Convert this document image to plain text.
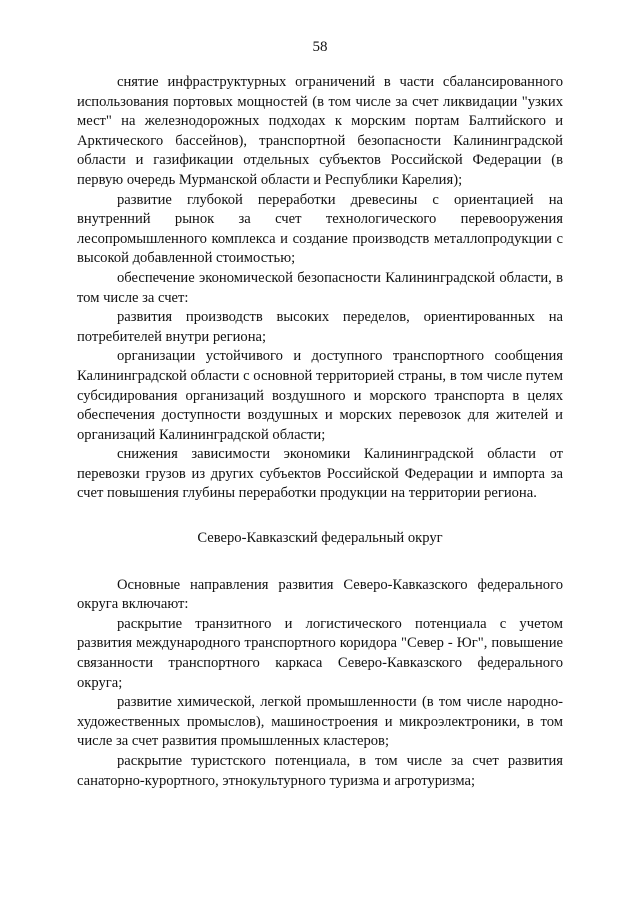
58

снятие инфраструктурных ограничений в части сбалансированного использования портовых мощностей (в том числе за счет ликвидации "узких мест" на железнодорожных подходах к морским портам Балтийского и Арктического бассейнов), транспортной безопасности Калининградской области и газификации отдельных субъектов Российской Федерации (в первую очередь Мурманской области и Республики Карелия);

развитие глубокой переработки древесины с ориентацией на внутренний рынок за счет технологического перевооружения лесопромышленного комплекса и создание производств металлопродукции с высокой добавленной стоимостью;

обеспечение экономической безопасности Калининградской области, в том числе за счет:

развития производств высоких переделов, ориентированных на потребителей внутри региона;

организации устойчивого и доступного транспортного сообщения Калининградской области с основной территорией страны, в том числе путем субсидирования организаций воздушного и морского транспорта в целях обеспечения доступности воздушных и морских перевозок для жителей и организаций Калининградской области;

снижения зависимости экономики Калининградской области от перевозки грузов из других субъектов Российской Федерации и импорта за счет повышения глубины переработки продукции на территории региона.

Северо-Кавказский федеральный округ

Основные направления развития Северо-Кавказского федерального округа включают:

раскрытие транзитного и логистического потенциала с учетом развития международного транспортного коридора "Север - Юг", повышение связанности транспортного каркаса Северо-Кавказского федерального округа;

развитие химической, легкой промышленности (в том числе народно-художественных промыслов), машиностроения и микроэлектроники, в том числе за счет развития промышленных кластеров;

раскрытие туристского потенциала, в том числе за счет развития санаторно-курортного, этнокультурного туризма и агротуризма;
